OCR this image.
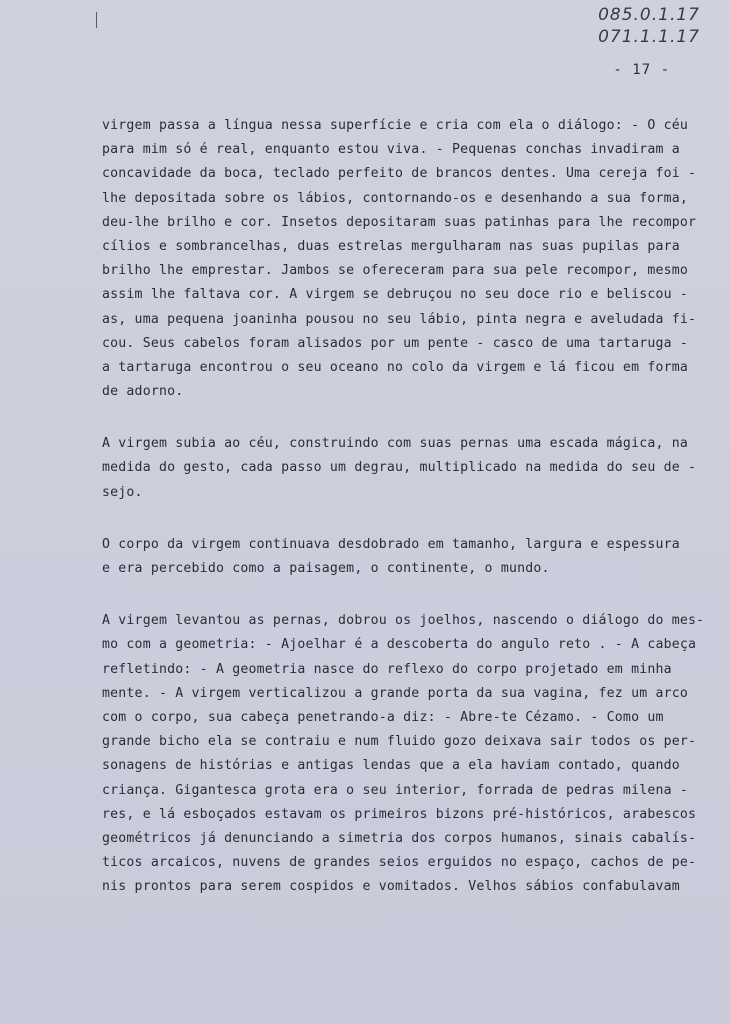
085.0.1.17
071.1.1.17
- 17 -
virgem passa a língua nessa superfície e cria com ela o diálogo: - O céu
para mim só é real, enquanto estou viva. - Pequenas conchas invadiram a
concavidade da boca, teclado perfeito de brancos dentes. Uma cereja foi -
lhe depositada sobre os lábios, contornando-os e desenhando a sua forma,
deu-lhe brilho e cor. Insetos depositaram suas patinhas para lhe recompor
cílios e sombrancelhas, duas estrelas mergulharam nas suas pupilas para
brilho lhe emprestar. Jambos se ofereceram para sua pele recompor, mesmo
assim lhe faltava cor. A virgem se debruçou no seu doce rio e beliscou -
as, uma pequena joaninha pousou no seu lábio, pinta negra e aveludada fi-
cou. Seus cabelos foram alisados por um pente - casco de uma tartaruga -
a tartaruga encontrou o seu oceano no colo da virgem e lá ficou em forma
de adorno.
A virgem subia ao céu, construindo com suas pernas uma escada mágica, na
medida do gesto, cada passo um degrau, multiplicado na medida do seu de -
sejo.
O corpo da virgem continuava desdobrado em tamanho, largura e espessura
e era percebido como a paisagem, o continente, o mundo.
A virgem levantou as pernas, dobrou os joelhos, nascendo o diálogo do mes-
mo com a geometria: - Ajoelhar é a descoberta do angulo reto . - A cabeça
refletindo: - A geometria nasce do reflexo do corpo projetado em minha
mente. - A virgem verticalizou a grande porta da sua vagina, fez um arco
com o corpo, sua cabeça penetrando-a diz: - Abre-te Cézamo. - Como um
grande bicho ela se contraiu e num fluido gozo deixava sair todos os per-
sonagens de histórias e antigas lendas que a ela haviam contado, quando
criança. Gigantesca grota era o seu interior, forrada de pedras milena -
res, e lá esboçados estavam os primeiros bizons pré-históricos, arabescos
geométricos já denunciando a simetria dos corpos humanos, sinais cabalís-
ticos arcaicos, nuvens de grandes seios erguidos no espaço, cachos de pe-
nis prontos para serem cospidos e vomitados. Velhos sábios confabulavam
